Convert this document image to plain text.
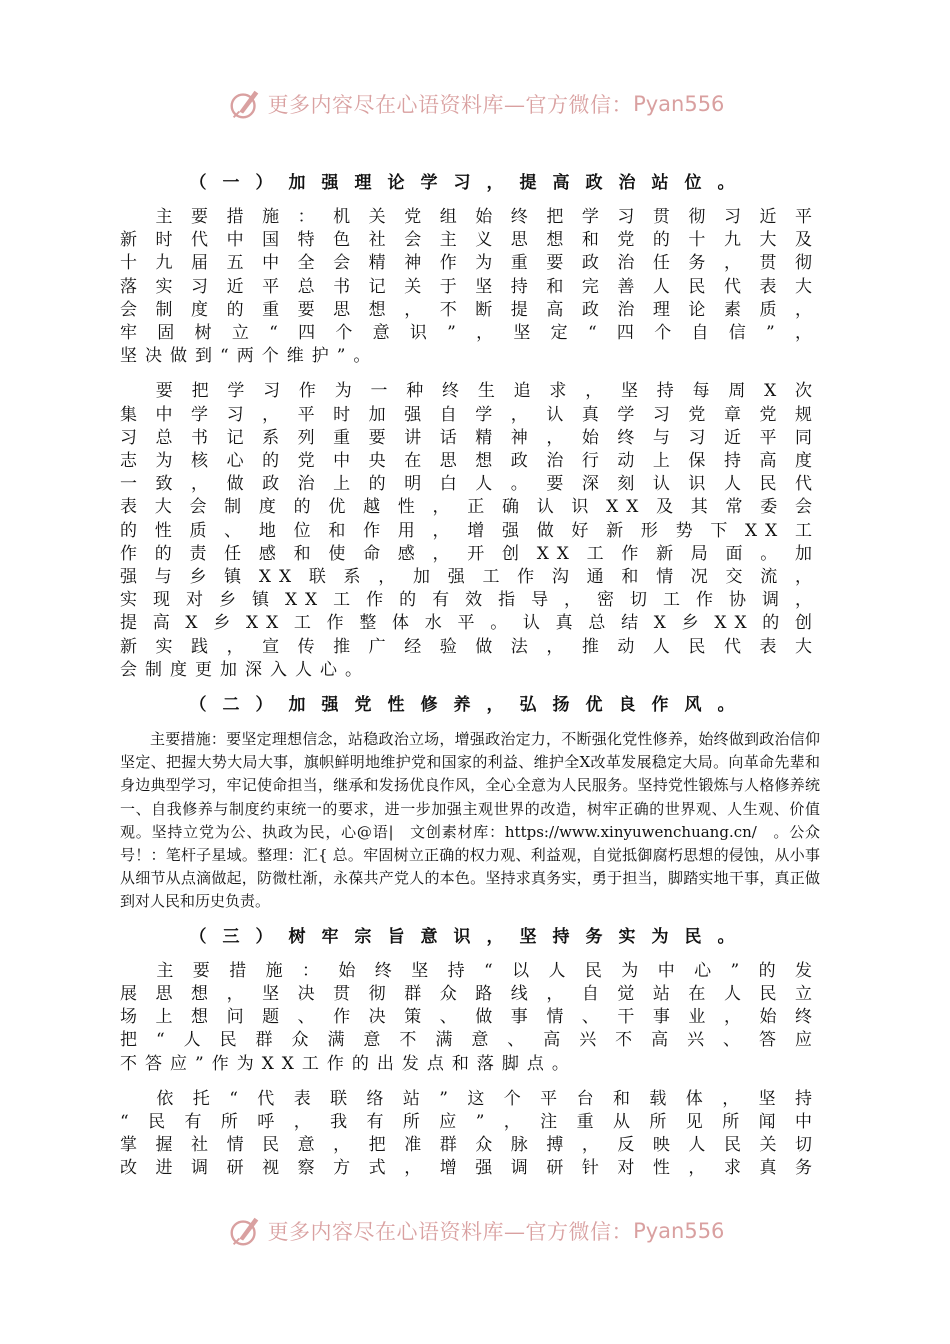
更多内容尽在心语资料库—官方微信： Pyan556
（一）加强理论学习，提高政治站位。

　主要措施：机关党组始终把学习贯彻习近平
新时代中国特色社会主义思想和党的十九大及
十九届五中全会精神作为重要政治任务，贯彻
落实习近平总书记关于坚持和完善人民代表大
会制度的重要思想，不断提高政治理论素质，
牢固树立“四个意识”，坚定“四个自信”，
坚决做到“两个维护”。

　要把学习作为一种终生追求，坚持每周X次
集中学习，平时加强自学，认真学习党章党规
习总书记系列重要讲话精神，始终与习近平同
志为核心的党中央在思想政治行动上保持高度
一致，做政治上的明白人。要深刻认识人民代
表大会制度的优越性，正确认识XX及其常委会
的性质、地位和作用，增强做好新形势下XX工
作的责任感和使命感，开创XX工作新局面。加
强与乡镇XX联系，加强工作沟通和情况交流，
实现对乡镇XX工作的有效指导，密切工作协调，
提高X乡XX工作整体水平。认真总结X乡XX的创
新实践，宣传推广经验做法，推动人民代表大
会制度更加深入人心。

（二）加强党性修养，弘扬优良作风。

主要措施：要坚定理想信念，站稳政治立场，增强政治定力，不断强化党性修养，始终做到政治信仰坚定、把握大势大局大事，旗帜鲜明地维护党和国家的利益、维护全X改革发展稳定大局。向革命先辈和身边典型学习，牢记使命担当，继承和发扬优良作风，全心全意为人民服务。坚持党性锻炼与人格修养统一、自我修养与制度约束统一的要求，进一步加强主观世界的改造，树牢正确的世界观、人生观、价值观。坚持立党为公、执政为民，心@语|　文创素材库：https://www.xinyuwenchuang.cn/　。公众号！：笔杆子星域。整理：汇{ 总。牢固树立正确的权力观、利益观，自觉抵御腐朽思想的侵蚀，从小事从细节从点滴做起，防微杜渐，永葆共产党人的本色。坚持求真务实，勇于担当，脚踏实地干事，真正做到对人民和历史负责。

（三）树牢宗旨意识，坚持务实为民。

　主要措施：始终坚持“以人民为中心”的发
展思想，坚决贯彻群众路线，自觉站在人民立
场上想问题、作决策、做事情、干事业，始终
把“人民群众满意不满意、高兴不高兴、答应
不答应”作为XX工作的出发点和落脚点。

　依托“代表联络站”这个平台和载体，坚持
“民有所呼，我有所应”，注重从所见所闻中
掌握社情民意，把准群众脉搏，反映人民关切
改进调研视察方式，增强调研针对性，求真务

更多内容尽在心语资料库—官方微信： Pyan556
